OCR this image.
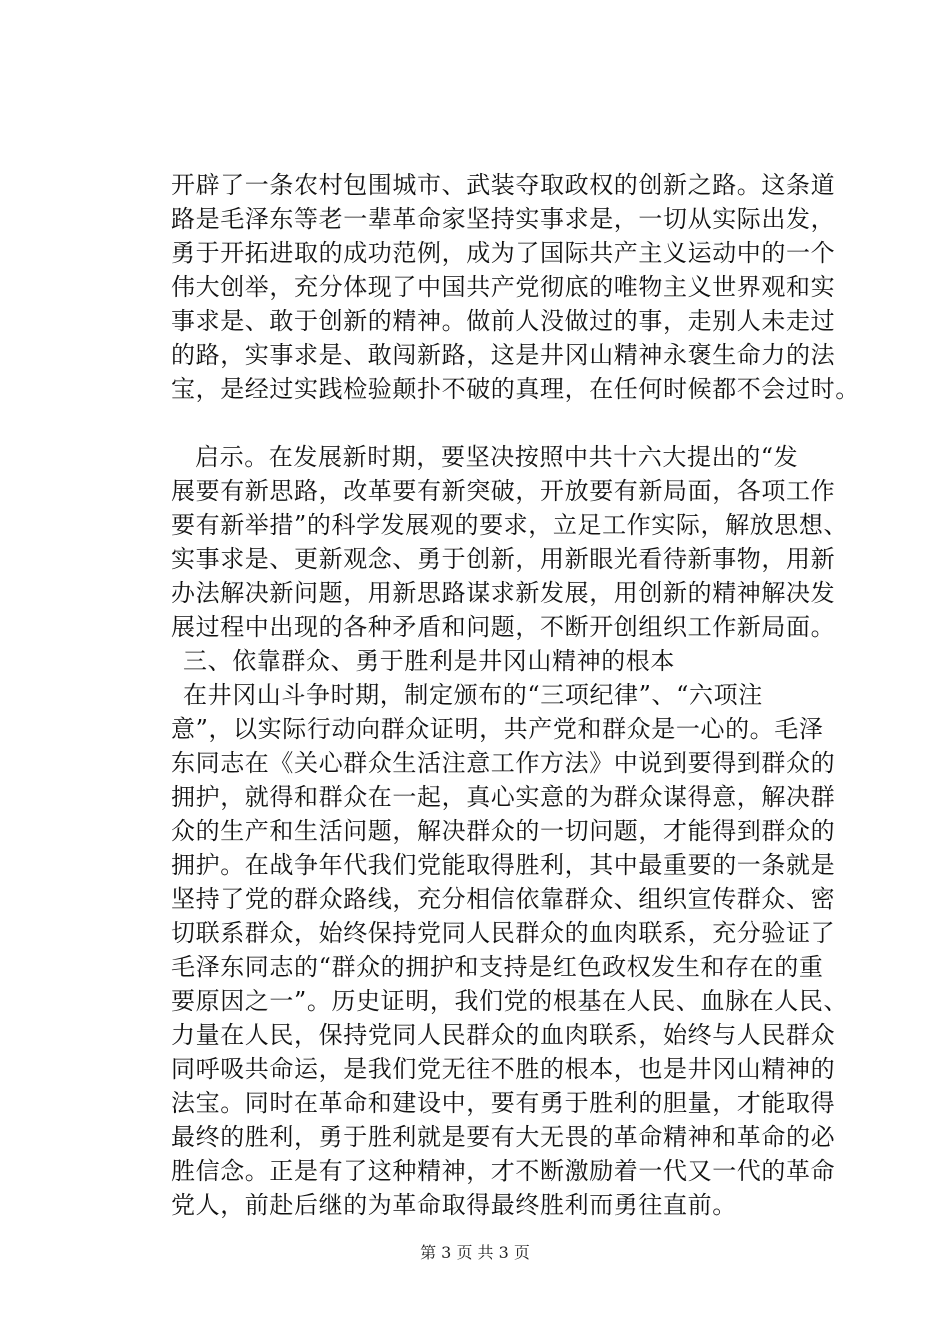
开辟了一条农村包围城市、武装夺取政权的创新之路。这条道
路是毛泽东等老一辈革命家坚持实事求是，一切从实际出发，
勇于开拓进取的成功范例，成为了国际共产主义运动中的一个
伟大创举，充分体现了中国共产党彻底的唯物主义世界观和实
事求是、敢于创新的精神。做前人没做过的事，走别人未走过
的路，实事求是、敢闯新路，这是井冈山精神永褒生命力的法
宝，是经过实践检验颠扑不破的真理，在任何时候都不会过时。
启示。在发展新时期，要坚决按照中共十六大提出的“发
展要有新思路，改革要有新突破，开放要有新局面，各项工作
要有新举措”的科学发展观的要求，立足工作实际，解放思想、
实事求是、更新观念、勇于创新，用新眼光看待新事物，用新
办法解决新问题，用新思路谋求新发展，用创新的精神解决发
展过程中出现的各种矛盾和问题，不断开创组织工作新局面。
三、依靠群众、勇于胜利是井冈山精神的根本
在井冈山斗争时期，制定颁布的“三项纪律”、“六项注
意”，以实际行动向群众证明，共产党和群众是一心的。毛泽
东同志在《关心群众生活注意工作方法》中说到要得到群众的
拥护，就得和群众在一起，真心实意的为群众谋得意，解决群
众的生产和生活问题，解决群众的一切问题，才能得到群众的
拥护。在战争年代我们党能取得胜利，其中最重要的一条就是
坚持了党的群众路线，充分相信依靠群众、组织宣传群众、密
切联系群众，始终保持党同人民群众的血肉联系，充分验证了
毛泽东同志的“群众的拥护和支持是红色政权发生和存在的重
要原因之一”。历史证明，我们党的根基在人民、血脉在人民、
力量在人民，保持党同人民群众的血肉联系，始终与人民群众
同呼吸共命运，是我们党无往不胜的根本，也是井冈山精神的
法宝。同时在革命和建设中，要有勇于胜利的胆量，才能取得
最终的胜利，勇于胜利就是要有大无畏的革命精神和革命的必
胜信念。正是有了这种精神，才不断激励着一代又一代的革命
党人，前赴后继的为革命取得最终胜利而勇往直前。
第 3 页 共 3 页
